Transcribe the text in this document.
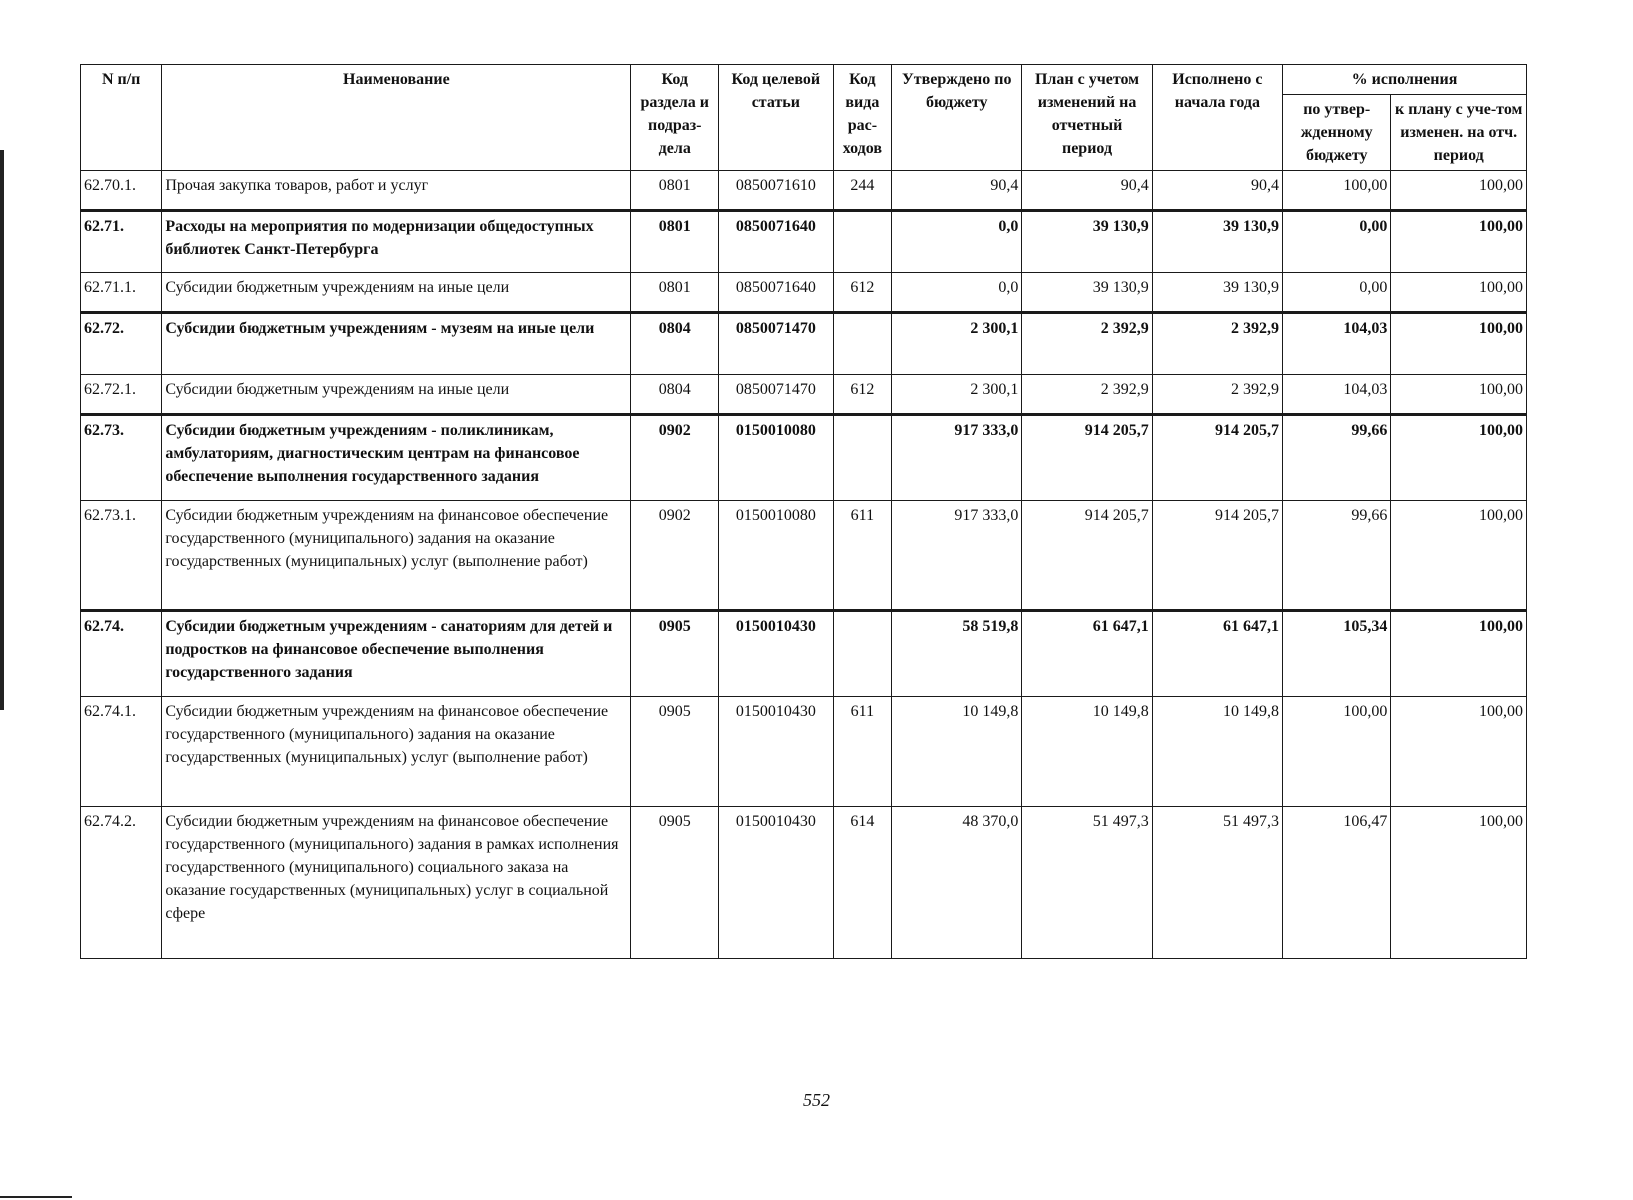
N п/п	Наименование	Код раздела и подраз-дела	Код целевой статьи	Код вида рас-ходов	Утверждено по бюджету	План с учетом изменений на отчетный период	Исполнено с начала года	% исполнения	
								по утвер-жденному бюджету	к плану с уче-том изменен. на отч. период
62.70.1.	Прочая закупка товаров, работ и услуг	0801	0850071610	244	90,4	90,4	90,4	100,00	100,00
62.71.	Расходы на мероприятия по модернизации общедоступных библиотек Санкт-Петербурга	0801	0850071640		0,0	39 130,9	39 130,9	0,00	100,00
62.71.1.	Субсидии бюджетным учреждениям на иные цели	0801	0850071640	612	0,0	39 130,9	39 130,9	0,00	100,00
62.72.	Субсидии бюджетным учреждениям - музеям на иные цели	0804	0850071470		2 300,1	2 392,9	2 392,9	104,03	100,00
62.72.1.	Субсидии бюджетным учреждениям на иные цели	0804	0850071470	612	2 300,1	2 392,9	2 392,9	104,03	100,00
62.73.	Субсидии бюджетным учреждениям - поликлиникам, амбулаториям, диагностическим центрам на финансовое обеспечение выполнения государственного задания	0902	0150010080		917 333,0	914 205,7	914 205,7	99,66	100,00
62.73.1.	Субсидии бюджетным учреждениям на финансовое обеспечение государственного (муниципального) задания на оказание государственных (муниципальных) услуг (выполнение работ)	0902	0150010080	611	917 333,0	914 205,7	914 205,7	99,66	100,00
62.74.	Субсидии бюджетным учреждениям - санаториям для детей и подростков на финансовое обеспечение выполнения государственного задания	0905	0150010430		58 519,8	61 647,1	61 647,1	105,34	100,00
62.74.1.	Субсидии бюджетным учреждениям на финансовое обеспечение государственного (муниципального) задания на оказание государственных (муниципальных) услуг (выполнение работ)	0905	0150010430	611	10 149,8	10 149,8	10 149,8	100,00	100,00
62.74.2.	Субсидии бюджетным учреждениям на финансовое обеспечение государственного (муниципального) задания в рамках исполнения государственного (муниципального) социального заказа на оказание государственных (муниципальных) услуг в социальной сфере	0905	0150010430	614	48 370,0	51 497,3	51 497,3	106,47	100,00
552
